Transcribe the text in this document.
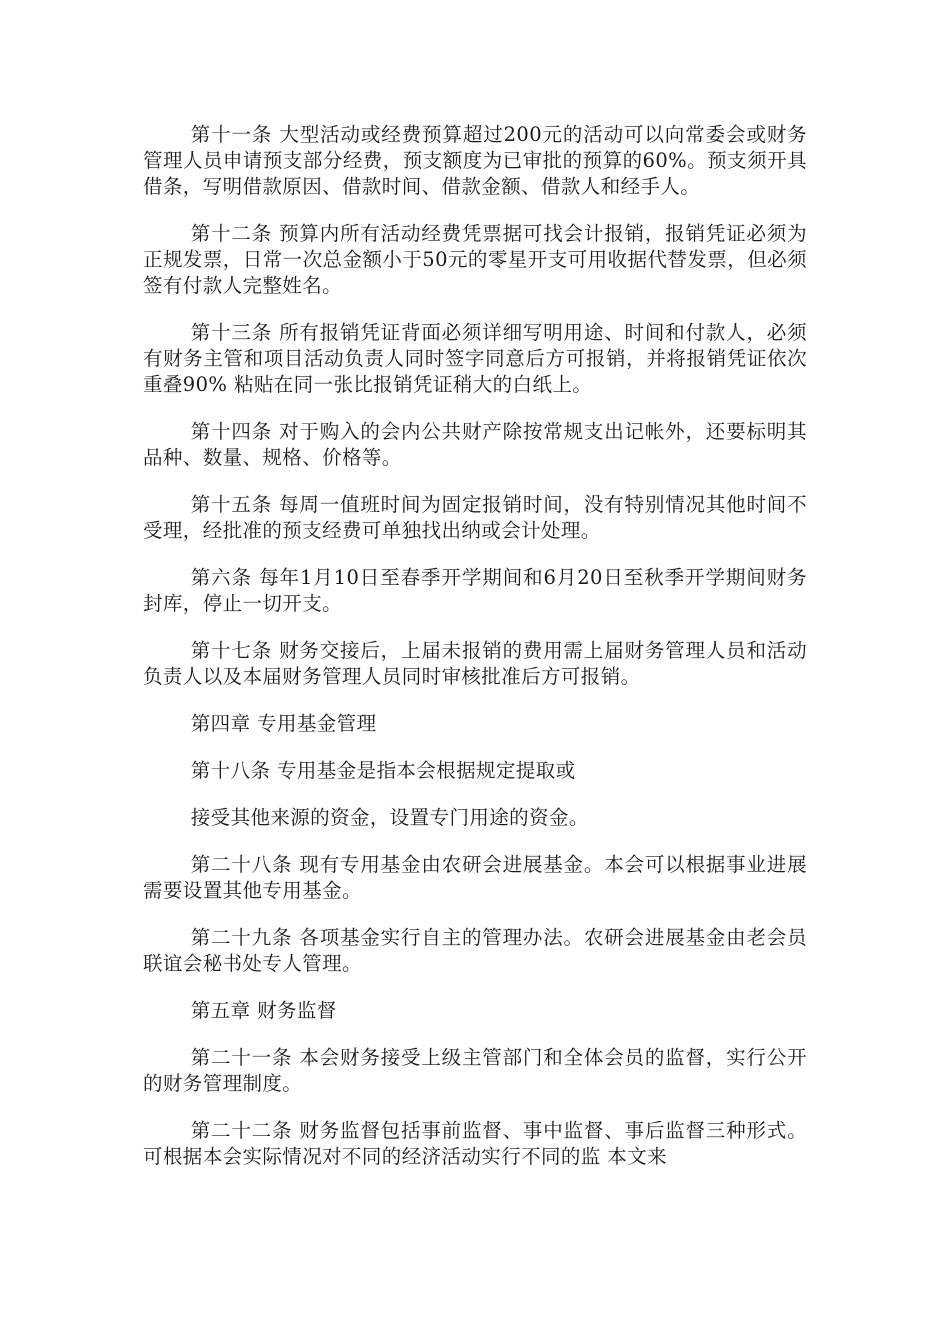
第十一条 大型活动或经费预算超过200元的活动可以向常委会或财务管理人员申请预支部分经费，预支额度为已审批的预算的60%。预支须开具借条，写明借款原因、借款时间、借款金额、借款人和经手人。

第十二条 预算内所有活动经费凭票据可找会计报销，报销凭证必须为正规发票，日常一次总金额小于50元的零星开支可用收据代替发票，但必须签有付款人完整姓名。

第十三条 所有报销凭证背面必须详细写明用途、时间和付款人，必须有财务主管和项目活动负责人同时签字同意后方可报销，并将报销凭证依次重叠90% 粘贴在同一张比报销凭证稍大的白纸上。

第十四条 对于购入的会内公共财产除按常规支出记帐外，还要标明其品种、数量、规格、价格等。

第十五条 每周一值班时间为固定报销时间，没有特别情况其他时间不受理，经批准的预支经费可单独找出纳或会计处理。

第六条 每年1月10日至春季开学期间和6月20日至秋季开学期间财务封库，停止一切开支。

第十七条 财务交接后，上届未报销的费用需上届财务管理人员和活动负责人以及本届财务管理人员同时审核批准后方可报销。

第四章 专用基金管理

第十八条 专用基金是指本会根据规定提取或

接受其他来源的资金，设置专门用途的资金。

第二十八条 现有专用基金由农研会进展基金。本会可以根据事业进展需要设置其他专用基金。

第二十九条 各项基金实行自主的管理办法。农研会进展基金由老会员联谊会秘书处专人管理。

第五章 财务监督

第二十一条 本会财务接受上级主管部门和全体会员的监督，实行公开的财务管理制度。

第二十二条 财务监督包括事前监督、事中监督、事后监督三种形式。可根据本会实际情况对不同的经济活动实行不同的监 本文来
